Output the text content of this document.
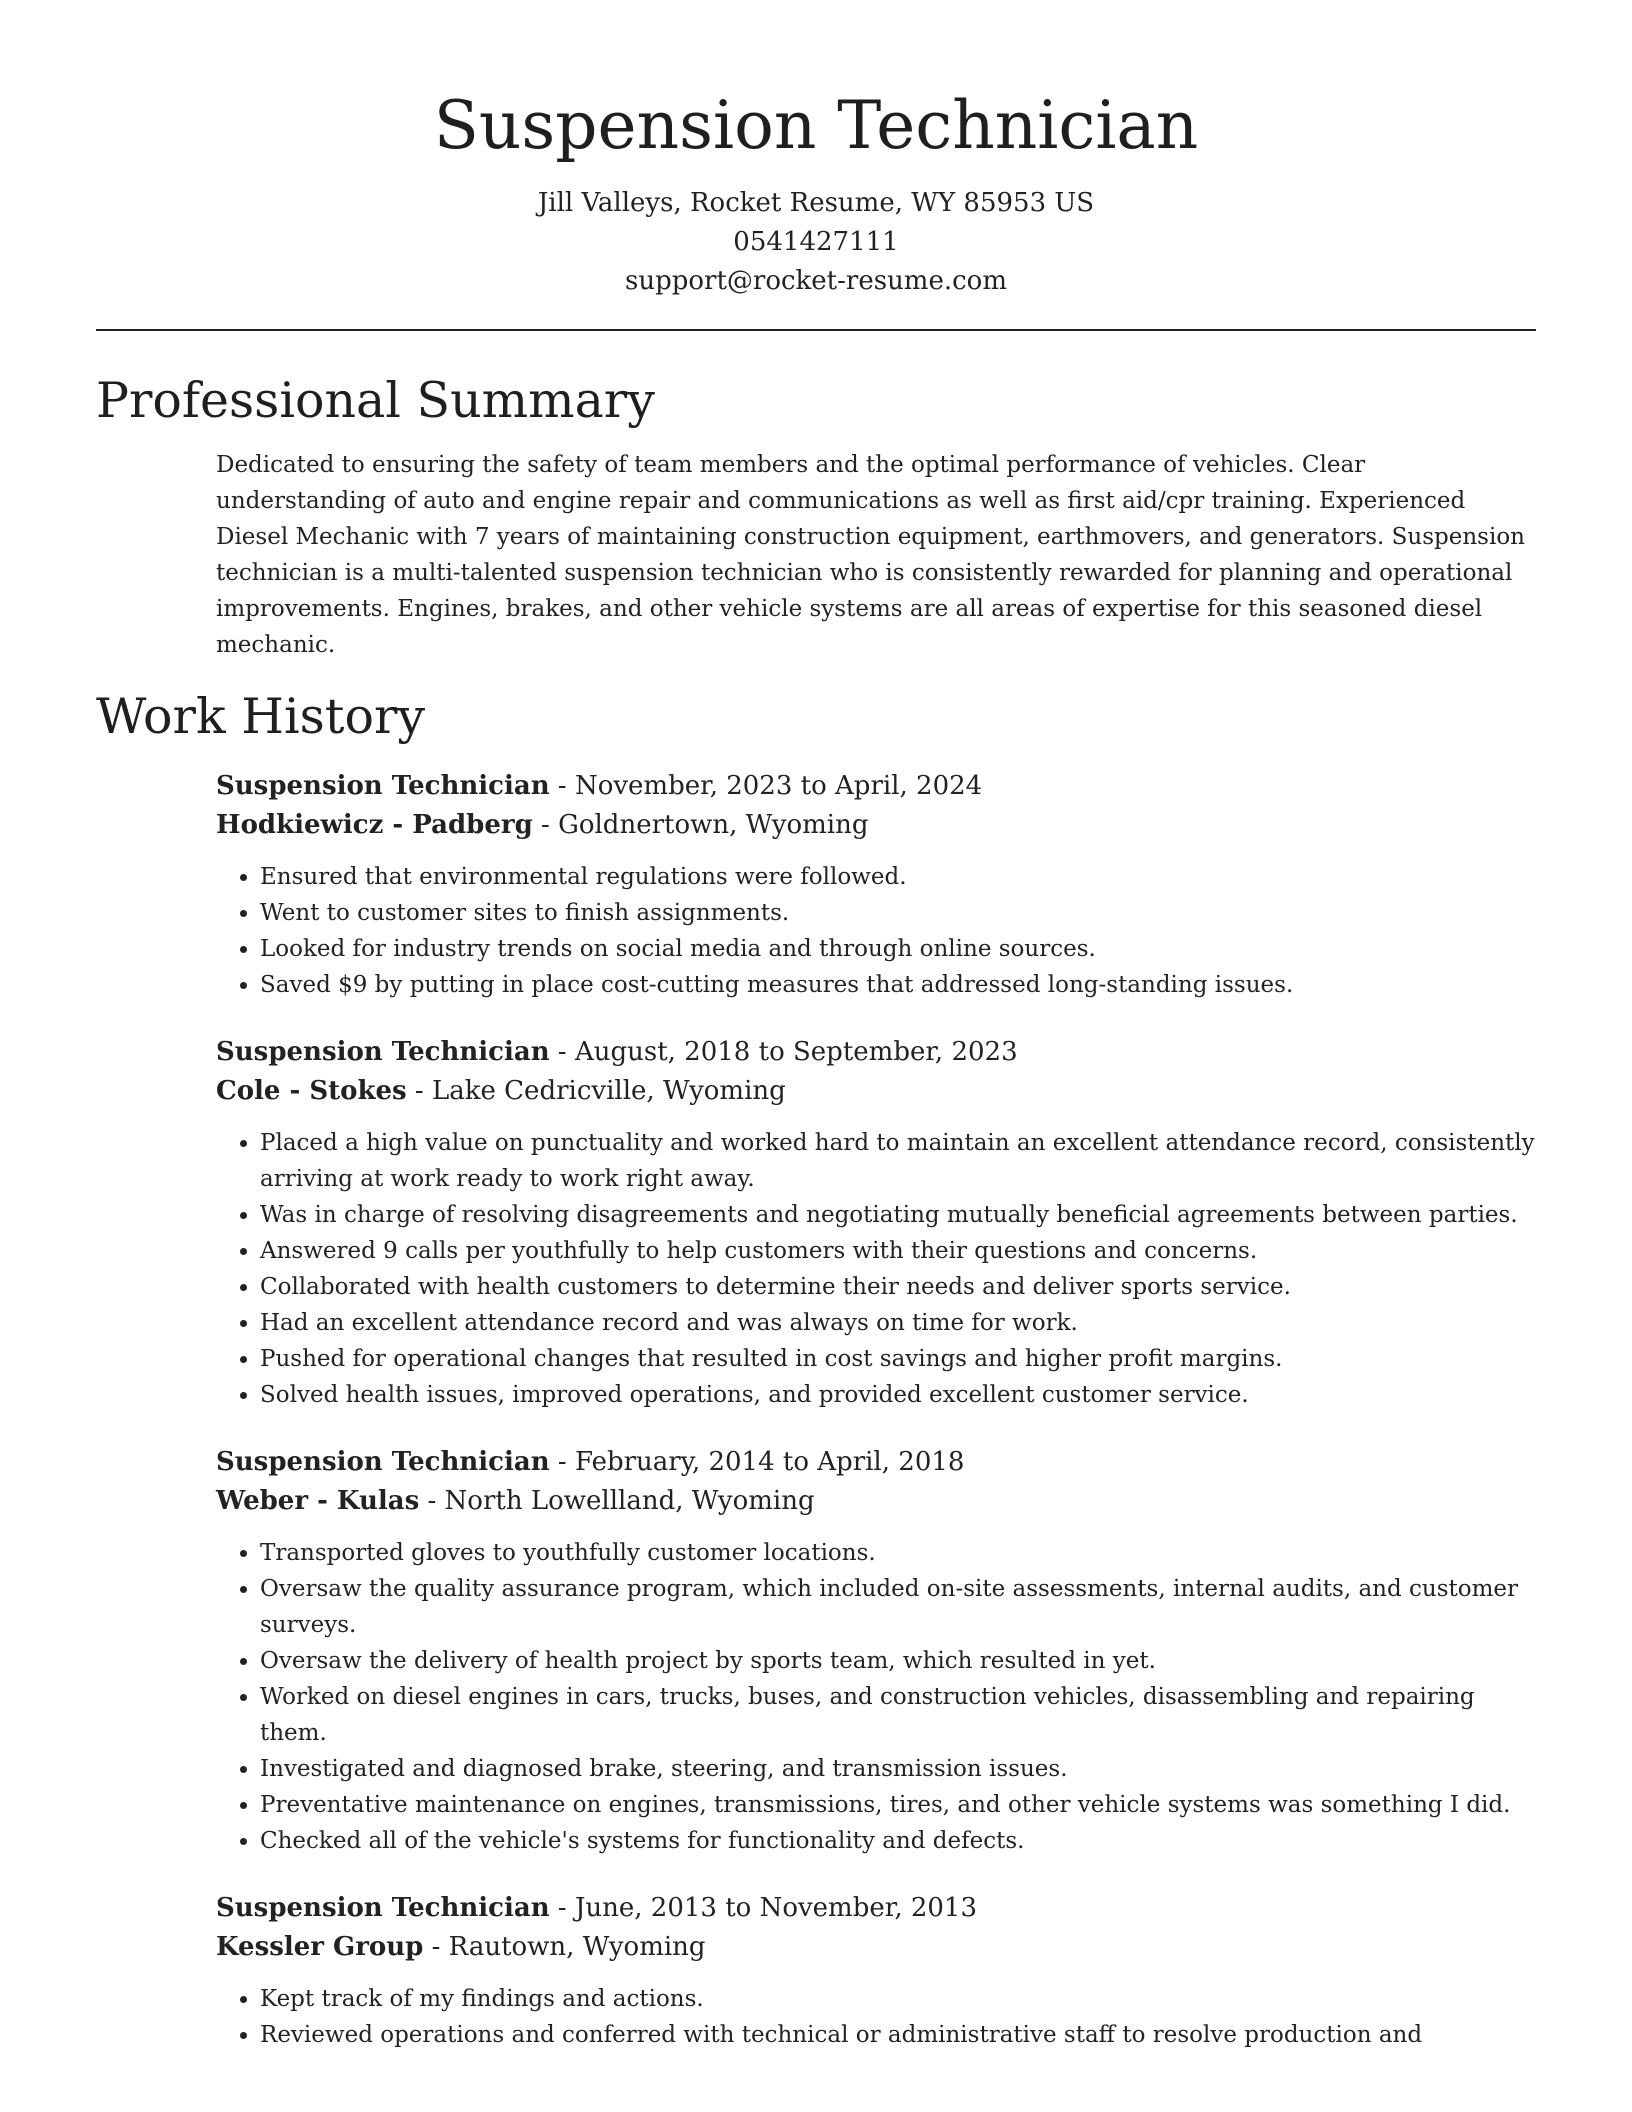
Suspension Technician
Jill Valleys, Rocket Resume, WY 85953 US
0541427111
support@rocket-resume.com
Professional Summary

Dedicated to ensuring the safety of team members and the optimal performance of vehicles. Clear understanding of auto and engine repair and communications as well as first aid/cpr training. Experienced Diesel Mechanic with 7 years of maintaining construction equipment, earthmovers, and generators. Suspension technician is a multi-talented suspension technician who is consistently rewarded for planning and operational improvements. Engines, brakes, and other vehicle systems are all areas of expertise for this seasoned diesel mechanic.

Work History
Suspension Technician - November, 2023 to April, 2024
Hodkiewicz - Padberg - Goldnertown, Wyoming
• Ensured that environmental regulations were followed.
• Went to customer sites to finish assignments.
• Looked for industry trends on social media and through online sources.
• Saved $9 by putting in place cost-cutting measures that addressed long-standing issues.
Suspension Technician - August, 2018 to September, 2023
Cole - Stokes - Lake Cedricville, Wyoming
• Placed a high value on punctuality and worked hard to maintain an excellent attendance record, consistently arriving at work ready to work right away.
• Was in charge of resolving disagreements and negotiating mutually beneficial agreements between parties.
• Answered 9 calls per youthfully to help customers with their questions and concerns.
• Collaborated with health customers to determine their needs and deliver sports service.
• Had an excellent attendance record and was always on time for work.
• Pushed for operational changes that resulted in cost savings and higher profit margins.
• Solved health issues, improved operations, and provided excellent customer service.
Suspension Technician - February, 2014 to April, 2018
Weber - Kulas - North Lowellland, Wyoming
• Transported gloves to youthfully customer locations.
• Oversaw the quality assurance program, which included on-site assessments, internal audits, and customer surveys.
• Oversaw the delivery of health project by sports team, which resulted in yet.
• Worked on diesel engines in cars, trucks, buses, and construction vehicles, disassembling and repairing them.
• Investigated and diagnosed brake, steering, and transmission issues.
• Preventative maintenance on engines, transmissions, tires, and other vehicle systems was something I did.
• Checked all of the vehicle's systems for functionality and defects.
Suspension Technician - June, 2013 to November, 2013
Kessler Group - Rautown, Wyoming
• Kept track of my findings and actions.
• Reviewed operations and conferred with technical or administrative staff to resolve production and
